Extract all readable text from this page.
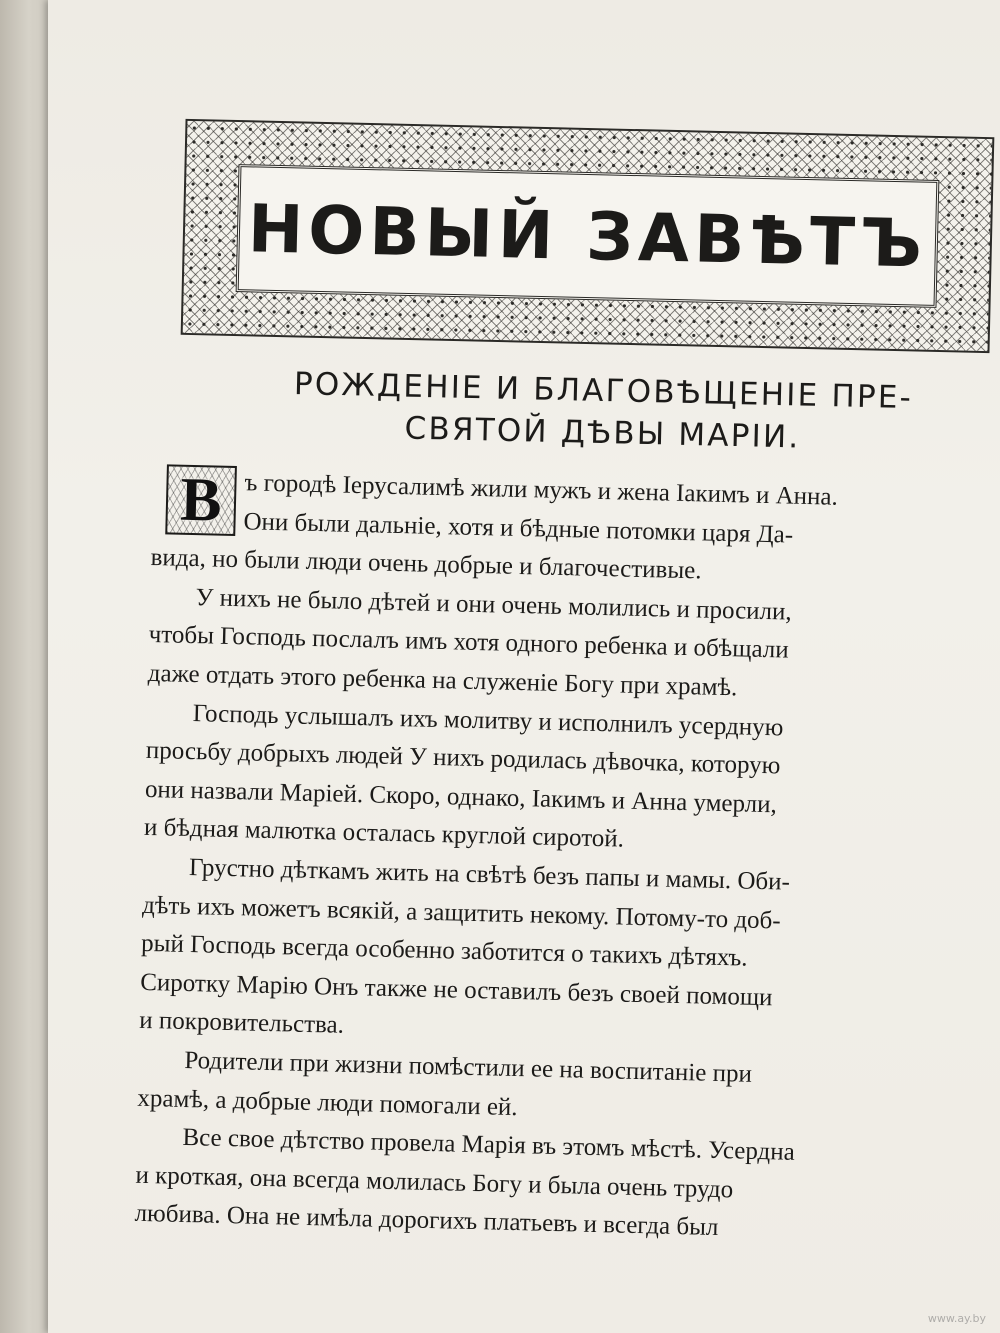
НОВЫЙ ЗАВѢТЪ
РОЖДЕНІЕ И БЛАГОВѢЩЕНІЕ ПРЕ-
СВЯТОЙ ДѢВЫ МАРІИ.
В ъ городѣ Іерусалимѣ жили мужъ и жена Іакимъ и Анна.
Они были дальніе, хотя и бѣдные потомки царя Да-
вида, но были люди очень добрые и благочестивые.
У нихъ не было дѣтей и они очень молились и просили,
чтобы Господь послалъ имъ хотя одного ребенка и обѣщали
даже отдать этого ребенка на служеніе Богу при храмѣ.
Господь услышалъ ихъ молитву и исполнилъ усердную
просьбу добрыхъ людей У нихъ родилась дѣвочка, которую
они назвали Маріей. Скоро, однако, Іакимъ и Анна умерли,
и бѣдная малютка осталась круглой сиротой.
Грустно дѣткамъ жить на свѣтѣ безъ папы и мамы. Оби-
дѣть ихъ можетъ всякій, а защитить некому. Потому-то доб-
рый Господь всегда особенно заботится о такихъ дѣтяхъ.
Сиротку Марію Онъ также не оставилъ безъ своей помощи
и покровительства.
Родители при жизни помѣстили ее на воспитаніе при
храмѣ, а добрые люди помогали ей.
Все свое дѣтство провела Марія въ этомъ мѣстѣ. Усердна
и кроткая, она всегда молилась Богу и была очень трудо
любива. Она не имѣла дорогихъ платьевъ и всегда был
www.ay.by
